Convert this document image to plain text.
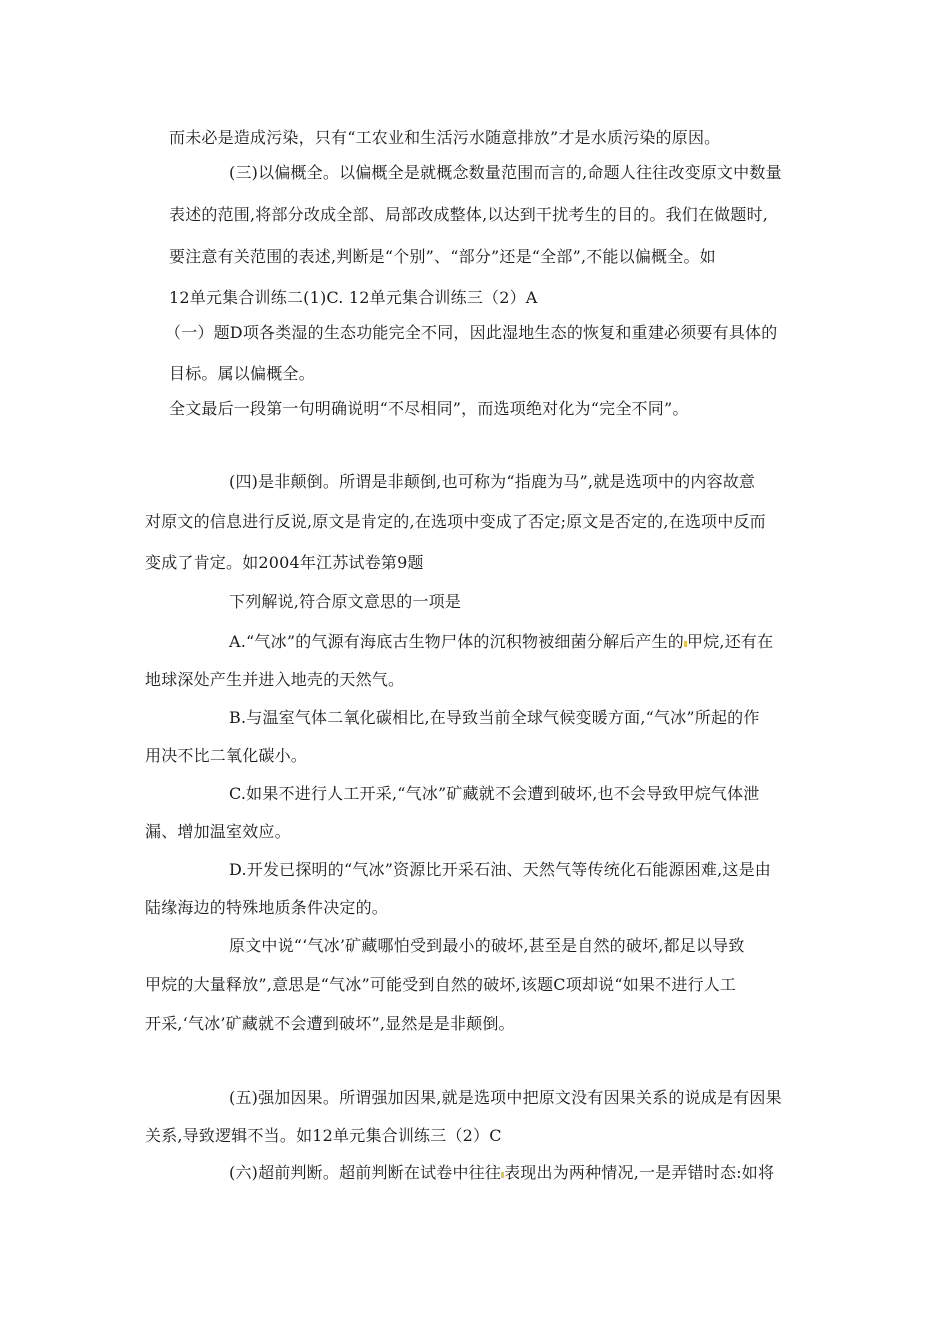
而未必是造成污染，只有“工农业和生活污水随意排放”才是水质污染的原因。
(三)以偏概全。以偏概全是就概念数量范围而言的,命题人往往改变原文中数量
表述的范围,将部分改成全部、局部改成整体,以达到干扰考生的目的。我们在做题时,
要注意有关范围的表述,判断是“个别”、“部分”还是“全部”,不能以偏概全。如
12单元集合训练二(1)C. 12单元集合训练三（2）A
（一）题D项各类湿的生态功能完全不同，因此湿地生态的恢复和重建必须要有具体的
目标。属以偏概全。
全文最后一段第一句明确说明“不尽相同”，而选项绝对化为“完全不同”。
(四)是非颠倒。所谓是非颠倒,也可称为“指鹿为马”,就是选项中的内容故意
对原文的信息进行反说,原文是肯定的,在选项中变成了否定;原文是否定的,在选项中反而
变成了肯定。如2004年江苏试卷第9题
下列解说,符合原文意思的一项是
A.“气冰”的气源有海底古生物尸体的沉积物被细菌分解后产生的 甲烷,还有在
地球深处产生并进入地壳的天然气。
B.与温室气体二氧化碳相比,在导致当前全球气候变暖方面,“气冰”所起的作
用决不比二氧化碳小。
C.如果不进行人工开采,“气冰”矿藏就不会遭到破坏,也不会导致甲烷气体泄
漏、增加温室效应。
D.开发已探明的“气冰”资源比开采石油、天然气等传统化石能源困难,这是由
陆缘海边的特殊地质条件决定的。
原文中说“‘气冰’矿藏哪怕受到最小的破坏,甚至是自然的破坏,都足以导致
甲烷的大量释放”,意思是“气冰”可能受到自然的破坏,该题C项却说“如果不进行人工
开采,‘气冰’矿藏就不会遭到破坏”,显然是是非颠倒。
(五)强加因果。所谓强加因果,就是选项中把原文没有因果关系的说成是有因果
关系,导致逻辑不当。如12单元集合训练三（2）C
(六)超前判断。超前判断在试卷中往往 表现出为两种情况,一是弄错时态:如将
